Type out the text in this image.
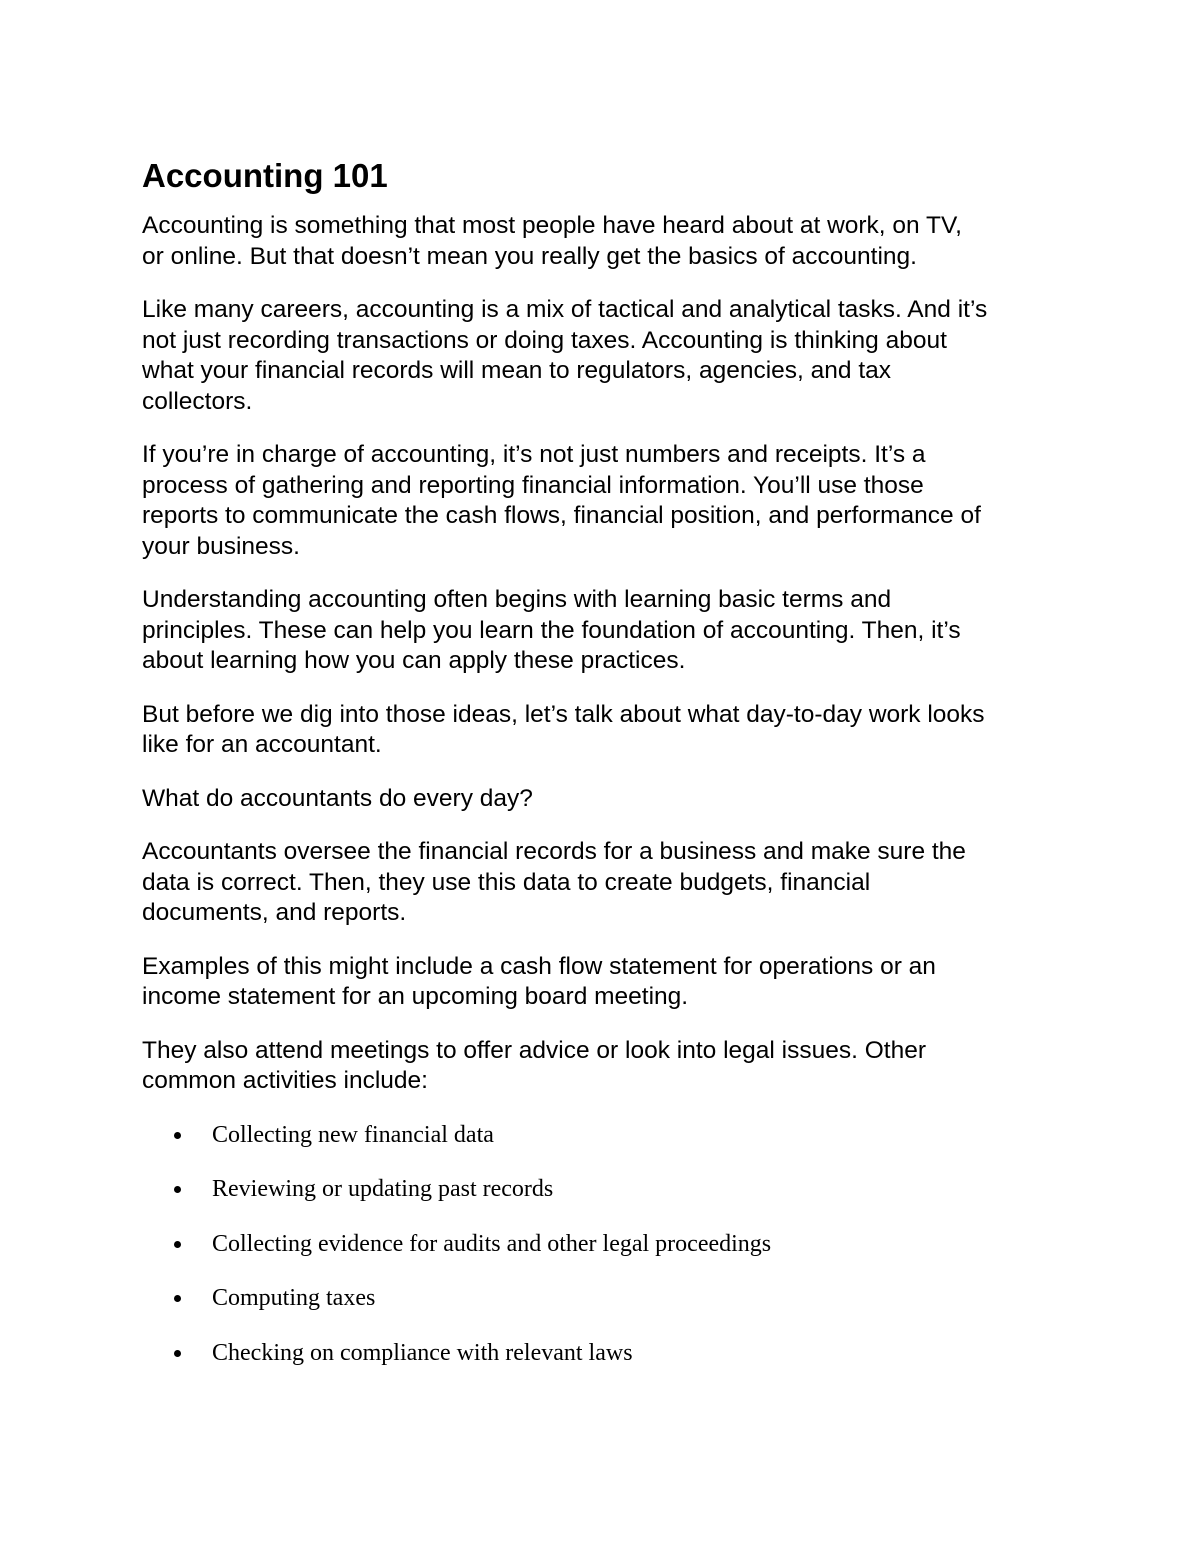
Accounting 101

Accounting is something that most people have heard about at work, on TV,
or online. But that doesn’t mean you really get the basics of accounting.

Like many careers, accounting is a mix of tactical and analytical tasks. And it’s
not just recording transactions or doing taxes. Accounting is thinking about
what your financial records will mean to regulators, agencies, and tax
collectors.

If you’re in charge of accounting, it’s not just numbers and receipts. It’s a
process of gathering and reporting financial information. You’ll use those
reports to communicate the cash flows, financial position, and performance of
your business.

Understanding accounting often begins with learning basic terms and
principles. These can help you learn the foundation of accounting. Then, it’s
about learning how you can apply these practices.

But before we dig into those ideas, let’s talk about what day-to-day work looks
like for an accountant.

What do accountants do every day?

Accountants oversee the financial records for a business and make sure the
data is correct. Then, they use this data to create budgets, financial
documents, and reports.

Examples of this might include a cash flow statement for operations or an
income statement for an upcoming board meeting.

They also attend meetings to offer advice or look into legal issues. Other
common activities include:

Collecting new financial data
Reviewing or updating past records
Collecting evidence for audits and other legal proceedings
Computing taxes
Checking on compliance with relevant laws
